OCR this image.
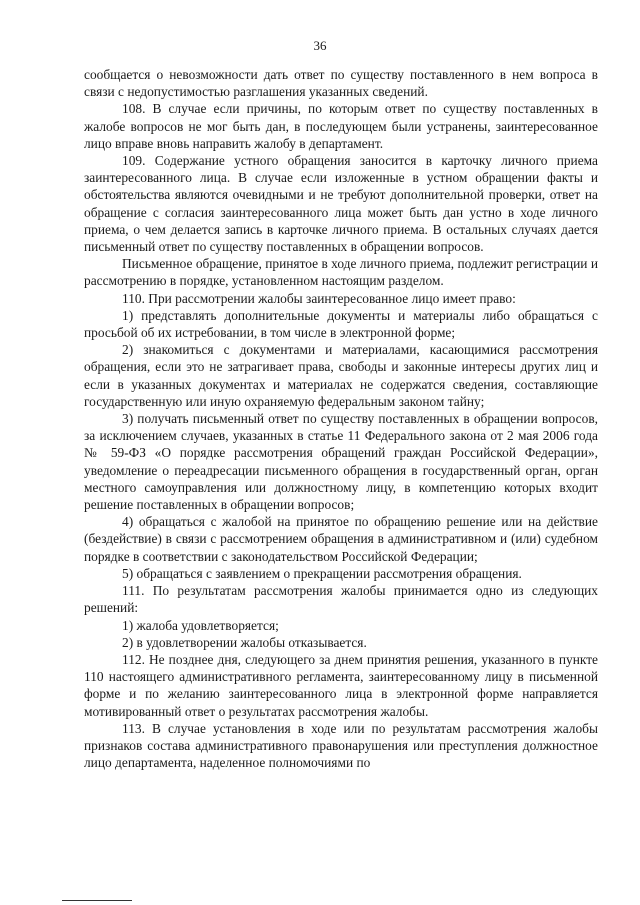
36

сообщается о невозможности дать ответ по существу поставленного в нем вопроса в связи с недопустимостью разглашения указанных сведений.

108. В случае если причины, по которым ответ по существу поставленных в жалобе вопросов не мог быть дан, в последующем были устранены, заинтересованное лицо вправе вновь направить жалобу в департамент.

109. Содержание устного обращения заносится в карточку личного приема заинтересованного лица. В случае если изложенные в устном обращении факты и обстоятельства являются очевидными и не требуют дополнительной проверки, ответ на обращение с согласия заинтересованного лица может быть дан устно в ходе личного приема, о чем делается запись в карточке личного приема. В остальных случаях дается письменный ответ по существу поставленных в обращении вопросов.

Письменное обращение, принятое в ходе личного приема, подлежит регистрации и рассмотрению в порядке, установленном настоящим разделом.

110. При рассмотрении жалобы заинтересованное лицо имеет право:

1) представлять дополнительные документы и материалы либо обращаться с просьбой об их истребовании, в том числе в электронной форме;

2) знакомиться с документами и материалами, касающимися рассмотрения обращения, если это не затрагивает права, свободы и законные интересы других лиц и если в указанных документах и материалах не содержатся сведения, составляющие государственную или иную охраняемую федеральным законом тайну;

3) получать письменный ответ по существу поставленных в обращении вопросов, за исключением случаев, указанных в статье 11 Федерального закона от 2 мая 2006 года № 59-ФЗ «О порядке рассмотрения обращений граждан Российской Федерации», уведомление о переадресации письменного обращения в государственный орган, орган местного самоуправления или должностному лицу, в компетенцию которых входит решение поставленных в обращении вопросов;

4) обращаться с жалобой на принятое по обращению решение или на действие (бездействие) в связи с рассмотрением обращения в административном и (или) судебном порядке в соответствии с законодательством Российской Федерации;

5) обращаться с заявлением о прекращении рассмотрения обращения.

111. По результатам рассмотрения жалобы принимается одно из следующих решений:

1) жалоба удовлетворяется;

2) в удовлетворении жалобы отказывается.

112. Не позднее дня, следующего за днем принятия решения, указанного в пункте 110 настоящего административного регламента, заинтересованному лицу в письменной форме и по желанию заинтересованного лица в электронной форме направляется мотивированный ответ о результатах рассмотрения жалобы.

113. В случае установления в ходе или по результатам рассмотрения жалобы признаков состава административного правонарушения или преступления должностное лицо департамента, наделенное полномочиями по
